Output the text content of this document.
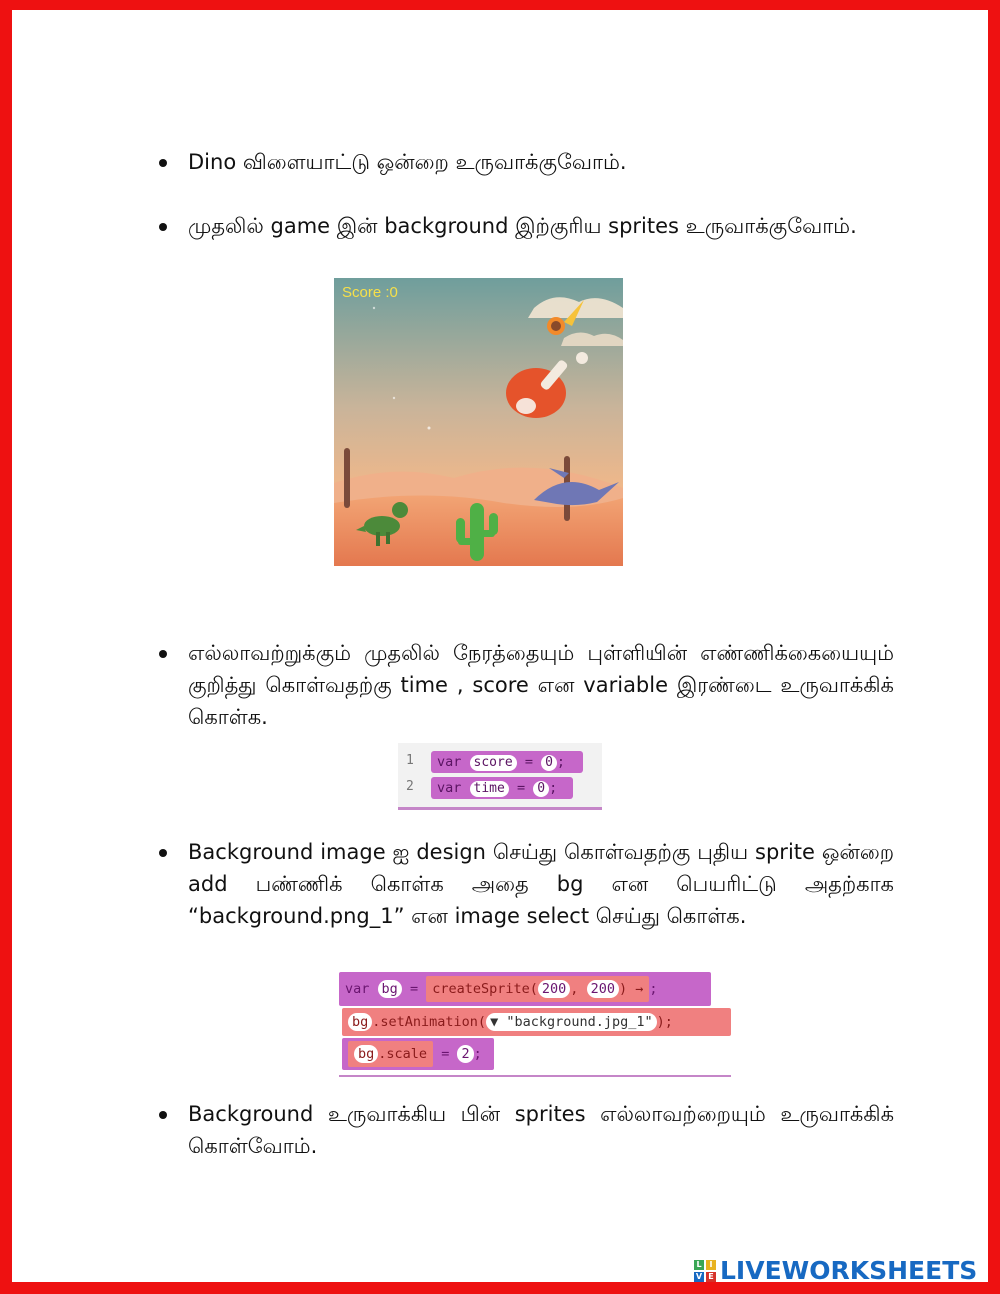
Dino விளையாட்டு ஒன்றை உருவாக்குவோம்.
முதலில் game இன் background இற்குரிய sprites உருவாக்குவோம்.
Score :0
எல்லாவற்றுக்கும் முதலில் நேரத்தையும் புள்ளியின் எண்ணிக்கையையும் குறித்து கொள்வதற்கு time , score என variable இரண்டை உருவாக்கிக் கொள்க.
1
2
var score = 0 ;
var time = 0 ;
Background image ஐ design செய்து கொள்வதற்கு புதிய sprite ஒன்றை add பண்ணிக் கொள்க அதை bg என பெயரிட்டு அதற்காக “background.png_1” என image select செய்து கொள்க.
var bg = createSprite( 200 , 200 ) → ;
bg .setAnimation( ▼ "background.jpg_1" );
bg .scale = 2 ;
Background உருவாக்கிய பின் sprites எல்லாவற்றையும் உருவாக்கிக் கொள்வோம்.
L I
V E LIVEWORKSHEETS
